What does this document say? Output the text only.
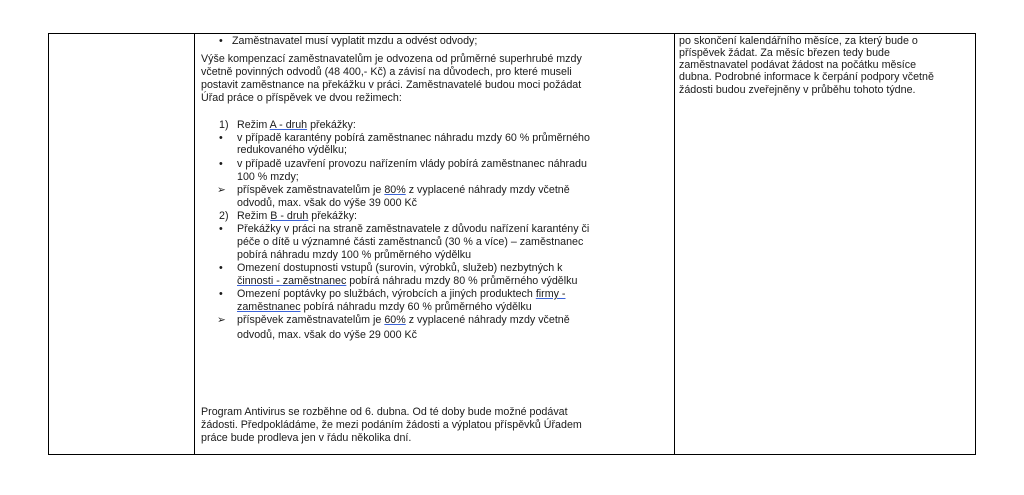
• Zaměstnavatel musí vyplatit mzdu a odvést odvody;
Výše kompenzací zaměstnavatelům je odvozena od průměrné superhrubé mzdy
včetně povinných odvodů (48 400,- Kč) a závisí na důvodech, pro které museli
postavit zaměstnance na překážku v práci. Zaměstnavatelé budou moci požádat
Úřad práce o příspěvek ve dvou režimech:
1) Režim A - druh překážky:
• v případě karantény pobírá zaměstnanec náhradu mzdy 60 % průměrného
redukovaného výdělku;
• v případě uzavření provozu nařízením vlády pobírá zaměstnanec náhradu
100 % mzdy;
➢ příspěvek zaměstnavatelům je 80% z vyplacené náhrady mzdy včetně
odvodů, max. však do výše 39 000 Kč
2) Režim B - druh překážky:
• Překážky v práci na straně zaměstnavatele z důvodu nařízení karantény či
péče o dítě u významné části zaměstnanců (30 % a více) – zaměstnanec
pobírá náhradu mzdy 100 % průměrného výdělku
• Omezení dostupnosti vstupů (surovin, výrobků, služeb) nezbytných k
činnosti - zaměstnanec pobírá náhradu mzdy 80 % průměrného výdělku
• Omezení poptávky po službách, výrobcích a jiných produktech firmy -
zaměstnanec pobírá náhradu mzdy 60 % průměrného výdělku
➢ příspěvek zaměstnavatelům je 60% z vyplacené náhrady mzdy včetně
odvodů, max. však do výše 29 000 Kč
Program Antivirus se rozběhne od 6. dubna. Od té doby bude možné podávat
žádosti. Předpokládáme, že mezi podáním žádosti a výplatou příspěvků Úřadem
práce bude prodleva jen v řádu několika dní.
po skončení kalendářního měsíce, za který bude o
příspěvek žádat. Za měsíc březen tedy bude
zaměstnavatel podávat žádost na počátku měsíce
dubna. Podrobné informace k čerpání podpory včetně
žádosti budou zveřejněny v průběhu tohoto týdne.
